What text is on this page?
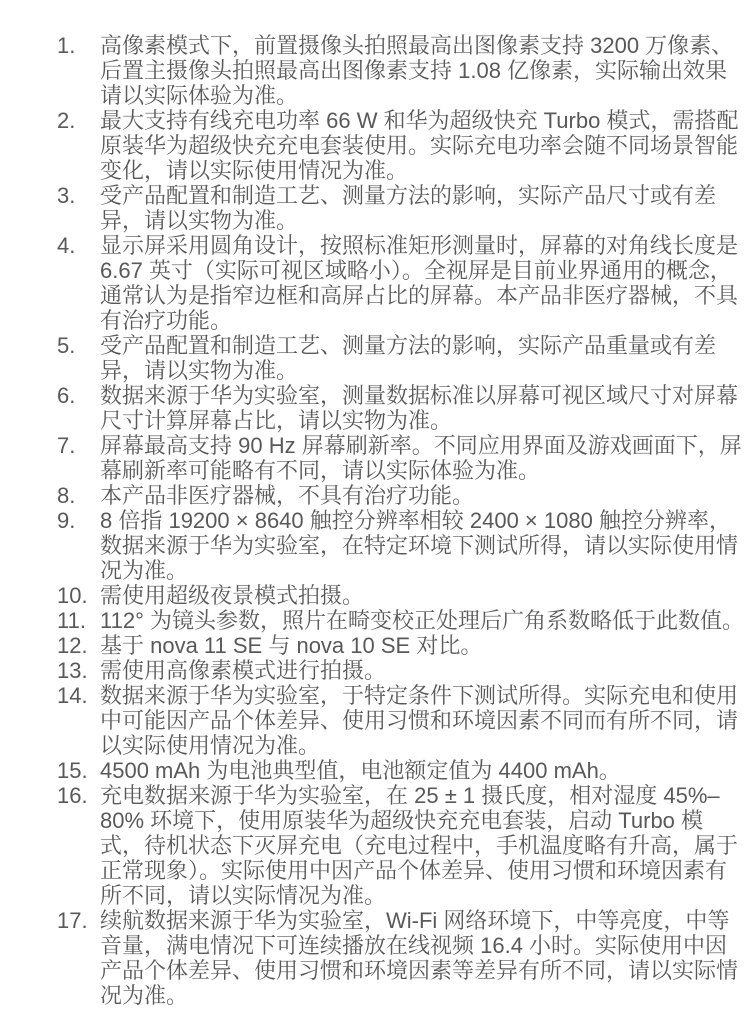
1.	高像素模式下，前置摄像头拍照最高出图像素支持 3200 万像素、后置主摄像头拍照最高出图像素支持 1.08 亿像素，实际输出效果请以实际体验为准。
2.	最大支持有线充电功率 66 W 和华为超级快充 Turbo 模式，需搭配原装华为超级快充充电套装使用。实际充电功率会随不同场景智能变化，请以实际使用情况为准。
3.	受产品配置和制造工艺、测量方法的影响，实际产品尺寸或有差异，请以实物为准。
4.	显示屏采用圆角设计，按照标准矩形测量时，屏幕的对角线长度是 6.67 英寸（实际可视区域略小）。全视屏是目前业界通用的概念，通常认为是指窄边框和高屏占比的屏幕。本产品非医疗器械，不具有治疗功能。
5.	受产品配置和制造工艺、测量方法的影响，实际产品重量或有差异，请以实物为准。
6.	数据来源于华为实验室，测量数据标准以屏幕可视区域尺寸对屏幕尺寸计算屏幕占比，请以实物为准。
7.	屏幕最高支持 90 Hz 屏幕刷新率。不同应用界面及游戏画面下，屏幕刷新率可能略有不同，请以实际体验为准。
8.	本产品非医疗器械，不具有治疗功能。
9.	8 倍指 19200 × 8640 触控分辨率相较 2400 × 1080 触控分辨率，数据来源于华为实验室，在特定环境下测试所得，请以实际使用情况为准。
10. 需使用超级夜景模式拍摄。
11. 112° 为镜头参数，照片在畸变校正处理后广角系数略低于此数值。
12. 基于 nova 11 SE 与 nova 10 SE 对比。
13. 需使用高像素模式进行拍摄。
14. 数据来源于华为实验室，于特定条件下测试所得。实际充电和使用中可能因产品个体差异、使用习惯和环境因素不同而有所不同，请以实际使用情况为准。
15. 4500 mAh 为电池典型值，电池额定值为 4400 mAh。
16. 充电数据来源于华为实验室，在 25 ± 1 摄氏度，相对湿度 45%–80% 环境下，使用原装华为超级快充充电套装，启动 Turbo 模式，待机状态下灭屏充电（充电过程中，手机温度略有升高，属于正常现象）。实际使用中因产品个体差异、使用习惯和环境因素有所不同，请以实际情况为准。
17. 续航数据来源于华为实验室，Wi-Fi 网络环境下，中等亮度，中等音量，满电情况下可连续播放在线视频 16.4 小时。实际使用中因产品个体差异、使用习惯和环境因素等差异有所不同，请以实际情况为准。
